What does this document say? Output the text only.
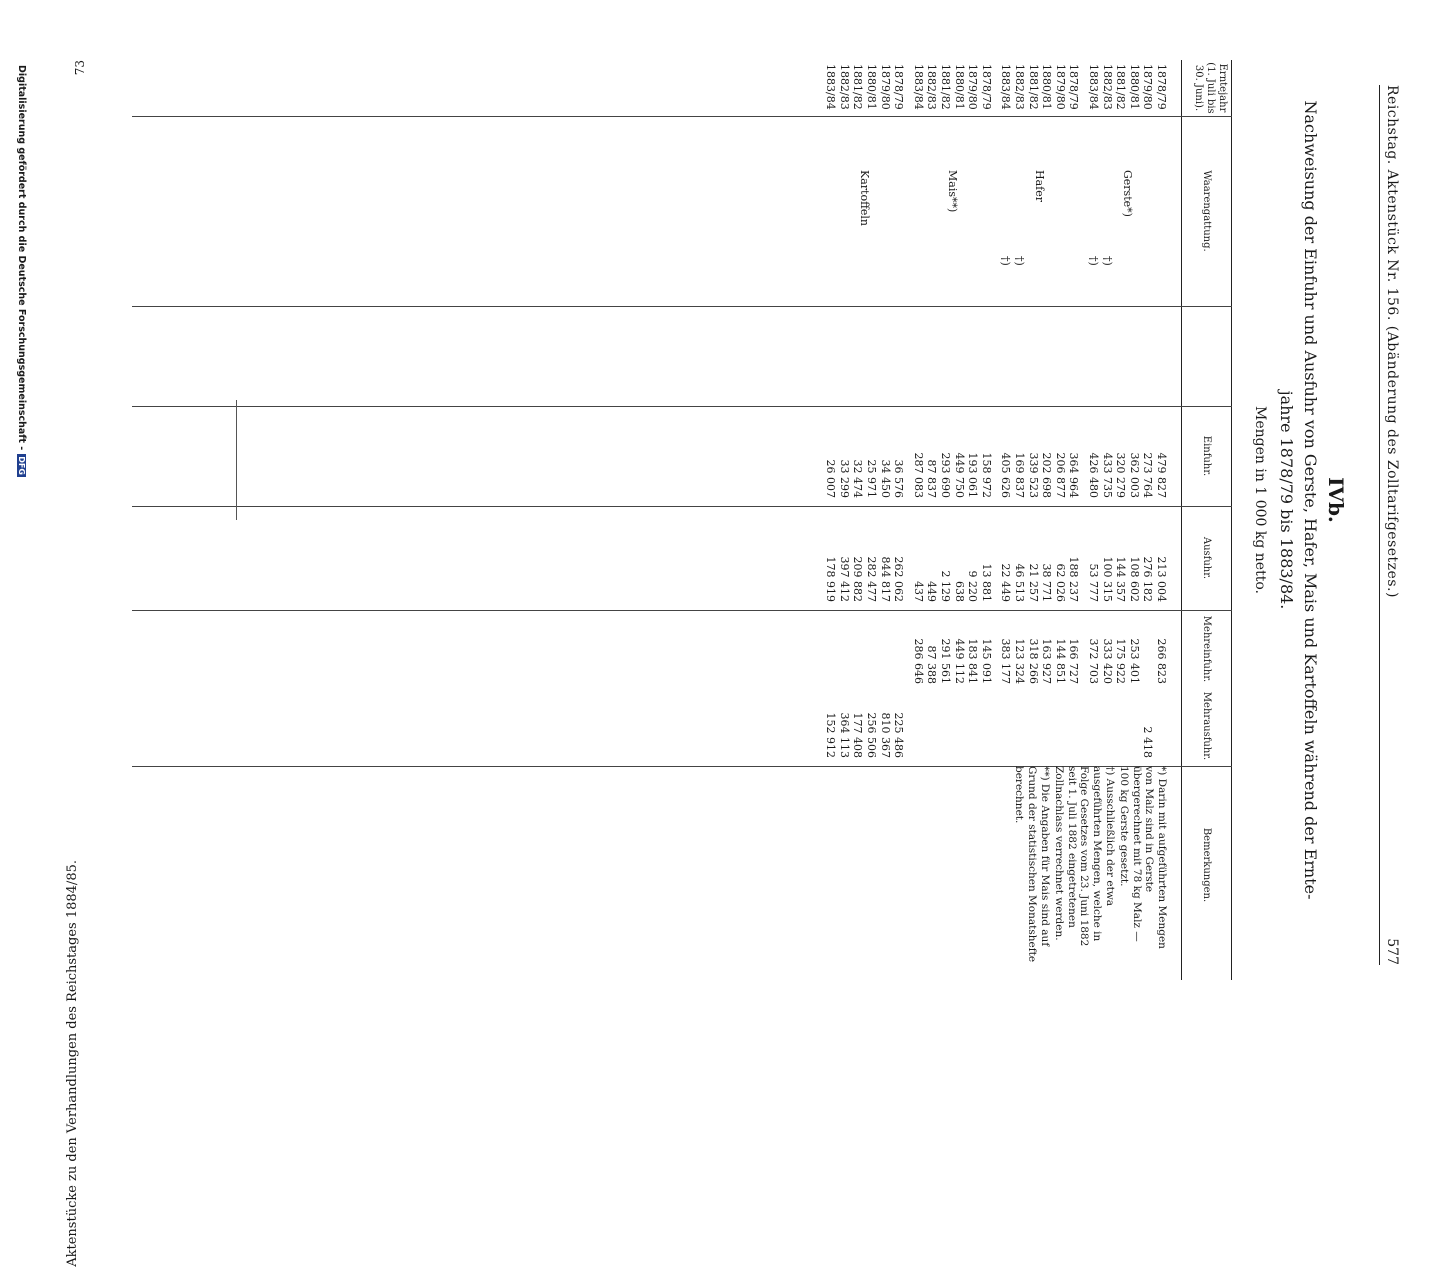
Reichstag. Aktenstück Nr. 156. (Abänderung des Zolltarifgesetzes.)
577
IVb.
Nachweisung der Einfuhr und Ausfuhr von Gerste, Hafer, Mais und Kartoffeln während der Ernte-
jahre 1878/79 bis 1883/84.
Mengen in 1 000 kg netto.
Erntejahr (1. Juli bis 30. Juni).
Waarengattung.
Einfuhr.
Ausfuhr.
Mehreinfuhr.
Mehrausfuhr.
Bemerkungen.
1878/79
479 827
213 004
266 823
1879/80
273 764
276 182
2 418
1880/81
362 003
108 602
253 401
1881/82
320 279
144 357
175 922
1882/83
†)
433 735
100 315
333 420
1883/84
†)
426 480
53 777
372 703
Gerste*)
1878/79
364 964
188 237
166 727
1879/80
206 877
62 026
144 851
1880/81
202 698
38 771
163 927
1881/82
339 523
21 257
318 266
1882/83
†)
169 837
46 513
123 324
1883/84
†)
405 626
22 449
383 177
Hafer
1878/79
158 972
13 881
145 091
1879/80
193 061
9 220
183 841
1880/81
449 750
638
449 112
1881/82
293 690
2 129
291 561
1882/83
87 837
449
87 388
1883/84
287 083
437
286 646
Mais**)
1878/79
36 576
262 062
225 486
1879/80
34 450
844 817
810 367
1880/81
25 971
282 477
256 506
1881/82
32 474
209 882
177 408
1882/83
33 299
397 412
364 113
1883/84
26 007
178 919
152 912
Kartoffeln

*) Darin mit aufgeführten Mengen von Malz sind in Gerste übergerechnet mit 78 kg Malz — 100 kg Gerste gesetzt.

†) Ausschließlich der etwa ausgeführten Mengen, welche in Folge Gesetzes vom 23. Juni 1882 seit 1. Juli 1882 eingetretenen Zollnachlass verrechnet werden.

**) Die Angaben für Mais sind auf Grund der statistischen Monatshefte berechnet.

Aktenstücke zu den Verhandlungen des Reichstages 1884/85.
73
Digitalisierung gefördert durch die Deutsche Forschungsgemeinschaft -DFG
